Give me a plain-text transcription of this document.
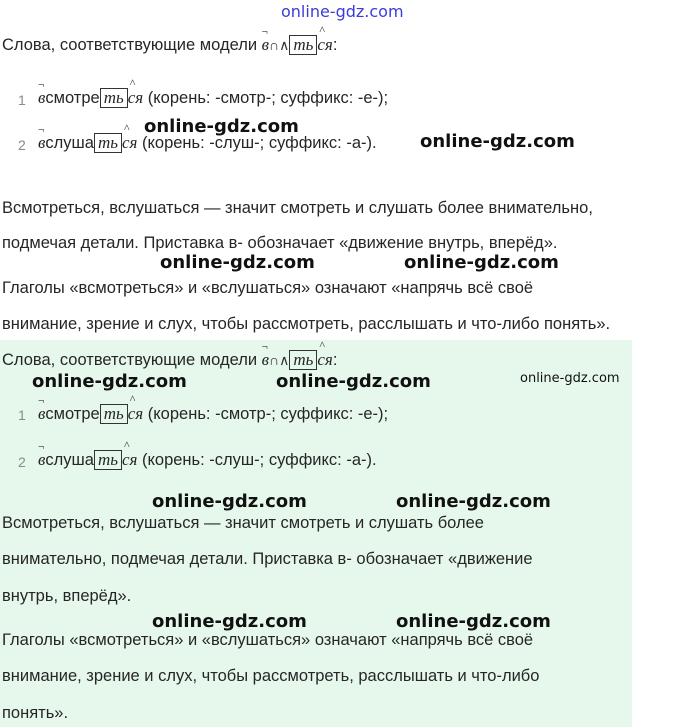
online-gdz.com
Слова, соответствующие модели
¬
в∩∧ ть
^
ся:
1
¬
всмотре ть
^
ся (корень: -смотр-; суффикс: -е-);
2
¬
вслуша ть
^
ся (корень: -слуш-; суффикс: -а-).
online-gdz.com
online-gdz.com
Всмотреться, вслушаться — значит смотреть и слушать более внимательно,
подмечая детали. Приставка в- обозначает «движение внутрь, вперёд».
online-gdz.com	online-gdz.com
Глаголы «всмотреться» и «вслушаться» означают «напрячь всё своё
внимание, зрение и слух, чтобы рассмотреть, расслышать и что-либо понять».
Слова, соответствующие модели
¬
в∩∧ ть
^
ся:
online-gdz.com	online-gdz.com	online-gdz.com
1
¬
всмотре ть
^
ся (корень: -смотр-; суффикс: -е-);
2
¬
вслуша ть
^
ся (корень: -слуш-; суффикс: -а-).
online-gdz.com	online-gdz.com
Всмотреться, вслушаться — значит смотреть и слушать более
внимательно, подмечая детали. Приставка в- обозначает «движение
внутрь, вперёд».
online-gdz.com	online-gdz.com
Глаголы «всмотреться» и «вслушаться» означают «напрячь всё своё
внимание, зрение и слух, чтобы рассмотреть, расслышать и что-либо
понять».
